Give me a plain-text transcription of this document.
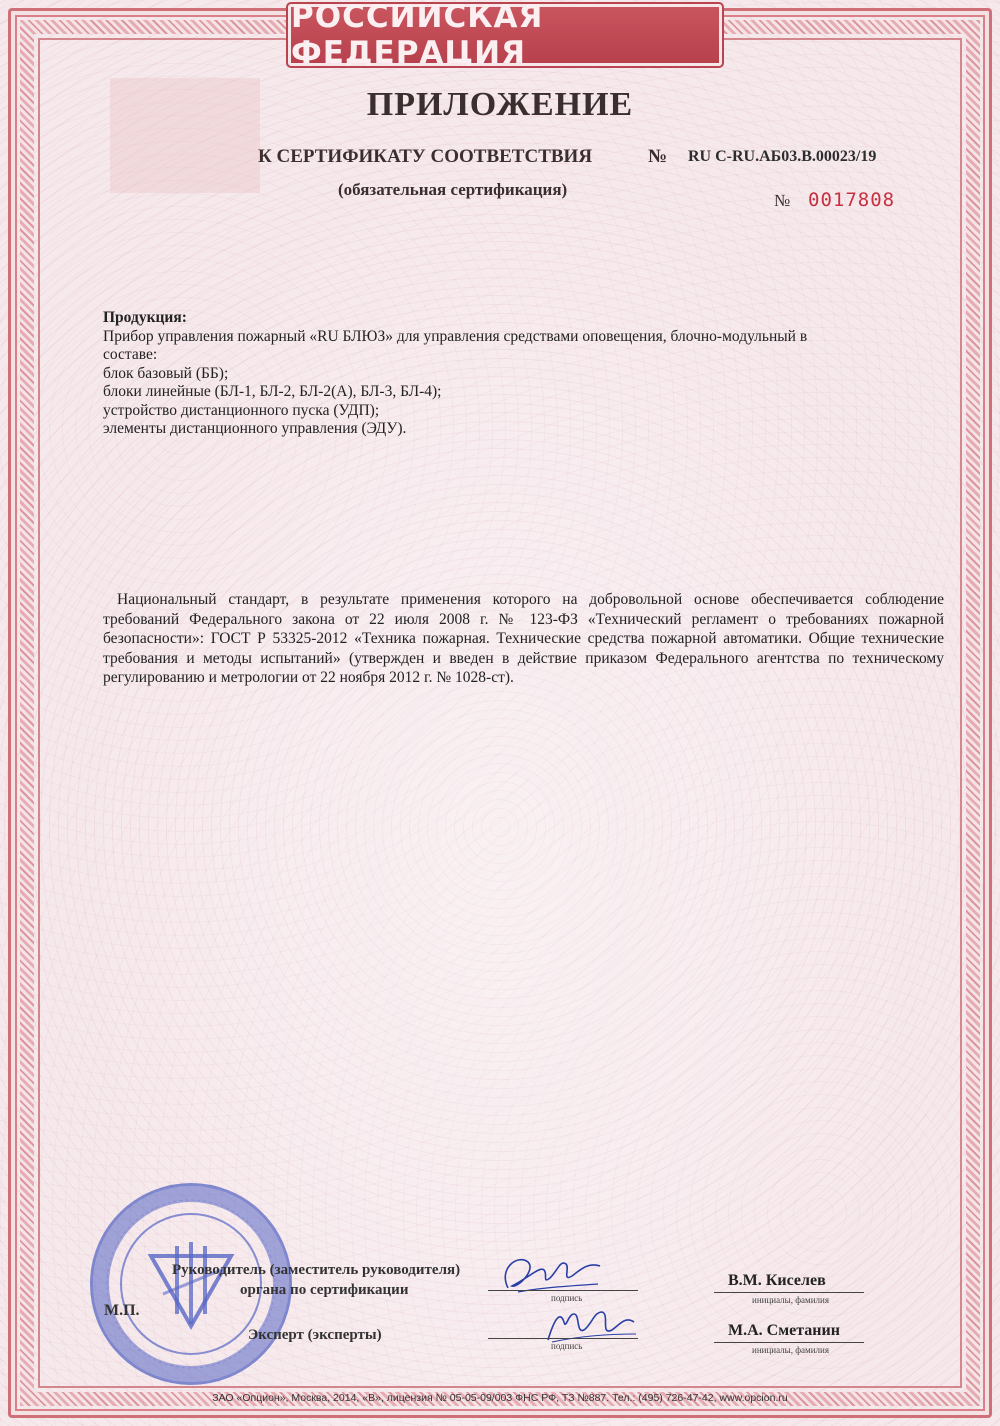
РОССИЙСКАЯ ФЕДЕРАЦИЯ
ПРИЛОЖЕНИЕ
К СЕРТИФИКАТУ СООТВЕТСТВИЯ	№ RU C-RU.АБ03.В.00023/19
(обязательная сертификация)
№ 0017808
Продукция:
Прибор управления пожарный «RU БЛЮЗ» для управления средствами оповещения, блочно-модульный в
составе:
блок базовый (ББ);
блоки линейные (БЛ-1, БЛ-2, БЛ-2(А), БЛ-3, БЛ-4);
устройство дистанционного пуска (УДП);
элементы дистанционного управления (ЭДУ).
Национальный стандарт, в результате применения которого на добровольной основе обеспечивается соблюдение требований Федерального закона от 22 июля 2008 г. № 123-ФЗ «Технический регламент о требованиях пожарной безопасности»: ГОСТ Р 53325-2012 «Техника пожарная. Технические средства пожарной автоматики. Общие технические требования и методы испытаний» (утвержден и введен в действие приказом Федерального агентства по техническому регулированию и метрологии от 22 ноября 2012 г. № 1028-ст).
М.П.
Руководитель (заместитель руководителя)
органа по сертификации	подпись
В.М. Киселев
инициалы, фамилия
Эксперт (эксперты)
подпись
М.А. Сметанин
инициалы, фамилия
ЗАО «Опцион», Москва, 2014, «В», лицензия № 05-05-09/003 ФНС РФ, ТЗ №887. Тел.: (495) 726-47-42, www.opcion.ru
